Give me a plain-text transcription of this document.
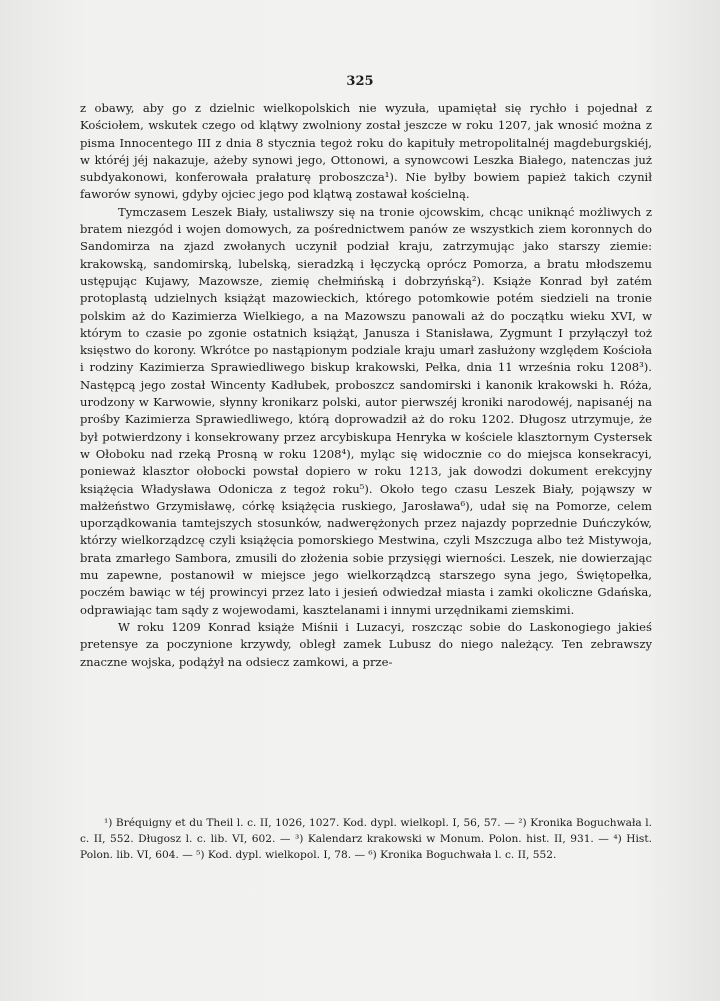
325

z obawy, aby go z dzielnic wielkopolskich nie wyzuła, upamiętał się rychło i pojednał z Kościołem, wskutek czego od klątwy zwolniony został jeszcze w roku 1207, jak wnosić można z pisma Innocentego III z dnia 8 stycznia tegoż roku do kapituły metropolitalnéj magdeburgskiéj, w któréj jéj nakazuje, ażeby synowi jego, Ottonowi, a synowcowi Leszka Białego, natenczas już subdyakonowi, konferowała prałaturę proboszcza¹). Nie byłby bowiem papież takich czynił faworów synowi, gdyby ojciec jego pod klątwą zostawał kościelną.

Tymczasem Leszek Biały, ustaliwszy się na tronie ojcowskim, chcąc uniknąć możliwych z bratem niezgód i wojen domowych, za pośrednictwem panów ze wszystkich ziem koronnych do Sandomirza na zjazd zwołanych uczynił podział kraju, zatrzymując jako starszy ziemie: krakowską, sandomirską, lubelską, sieradzką i łęczycką oprócz Pomorza, a bratu młodszemu ustępując Kujawy, Mazowsze, ziemię chełmińską i dobrzyńską²). Książe Konrad był zatém protoplastą udzielnych książąt mazowieckich, którego potomkowie potém siedzieli na tronie polskim aż do Kazimierza Wielkiego, a na Mazowszu panowali aż do początku wieku XVI, w którym to czasie po zgonie ostatnich książąt, Janusza i Stanisława, Zygmunt I przyłączył toż księstwo do korony. Wkrótce po nastąpionym podziale kraju umarł zasłużony względem Kościoła i rodziny Kazimierza Sprawiedliwego biskup krakowski, Pełka, dnia 11 września roku 1208³). Następcą jego został Wincenty Kadłubek, proboszcz sandomirski i kanonik krakowski h. Róża, urodzony w Karwowie, słynny kronikarz polski, autor pierwszéj kroniki narodowéj, napisanéj na prośby Kazimierza Sprawiedliwego, którą doprowadził aż do roku 1202. Długosz utrzymuje, że był potwierdzony i konsekrowany przez arcybiskupa Henryka w kościele klasztornym Cystersek w Ołoboku nad rzeką Prosną w roku 1208⁴), myląc się widocznie co do miejsca konsekracyi, ponieważ klasztor ołobocki powstał dopiero w roku 1213, jak dowodzi dokument erekcyjny książęcia Władysława Odonicza z tegoż roku⁵). Około tego czasu Leszek Biały, pojąwszy w małżeństwo Grzymisławę, córkę książęcia ruskiego, Jarosława⁶), udał się na Pomorze, celem uporządkowania tamtejszych stosunków, nadwerężonych przez najazdy poprzednie Duńczyków, którzy wielkorządzcę czyli książęcia pomorskiego Mestwina, czyli Mszczuga albo też Mistywoja, brata zmarłego Sambora, zmusili do złożenia sobie przysięgi wierności. Leszek, nie dowierzając mu zapewne, postanowił w miejsce jego wielkorządzcą starszego syna jego, Świętopełka, poczém bawiąc w téj prowincyi przez lato i jesień odwiedzał miasta i zamki okoliczne Gdańska, odprawiając tam sądy z wojewodami, kasztelanami i innymi urzędnikami ziemskimi.

W roku 1209 Konrad książe Miśnii i Luzacyi, roszcząc sobie do Laskonogiego jakieś pretensye za poczynione krzywdy, obległ zamek Lubusz do niego należący. Ten zebrawszy znaczne wojska, podążył na odsiecz zamkowi, a prze-

¹) Bréquigny et du Theil l. c. II, 1026, 1027. Kod. dypl. wielkopl. I, 56, 57. — ²) Kronika Boguchwała l. c. II, 552. Długosz l. c. lib. VI, 602. — ³) Kalendarz krakowski w Monum. Polon. hist. II, 931. — ⁴) Hist. Polon. lib. VI, 604. — ⁵) Kod. dypl. wielkopol. I, 78. — ⁶) Kronika Boguchwała l. c. II, 552.
